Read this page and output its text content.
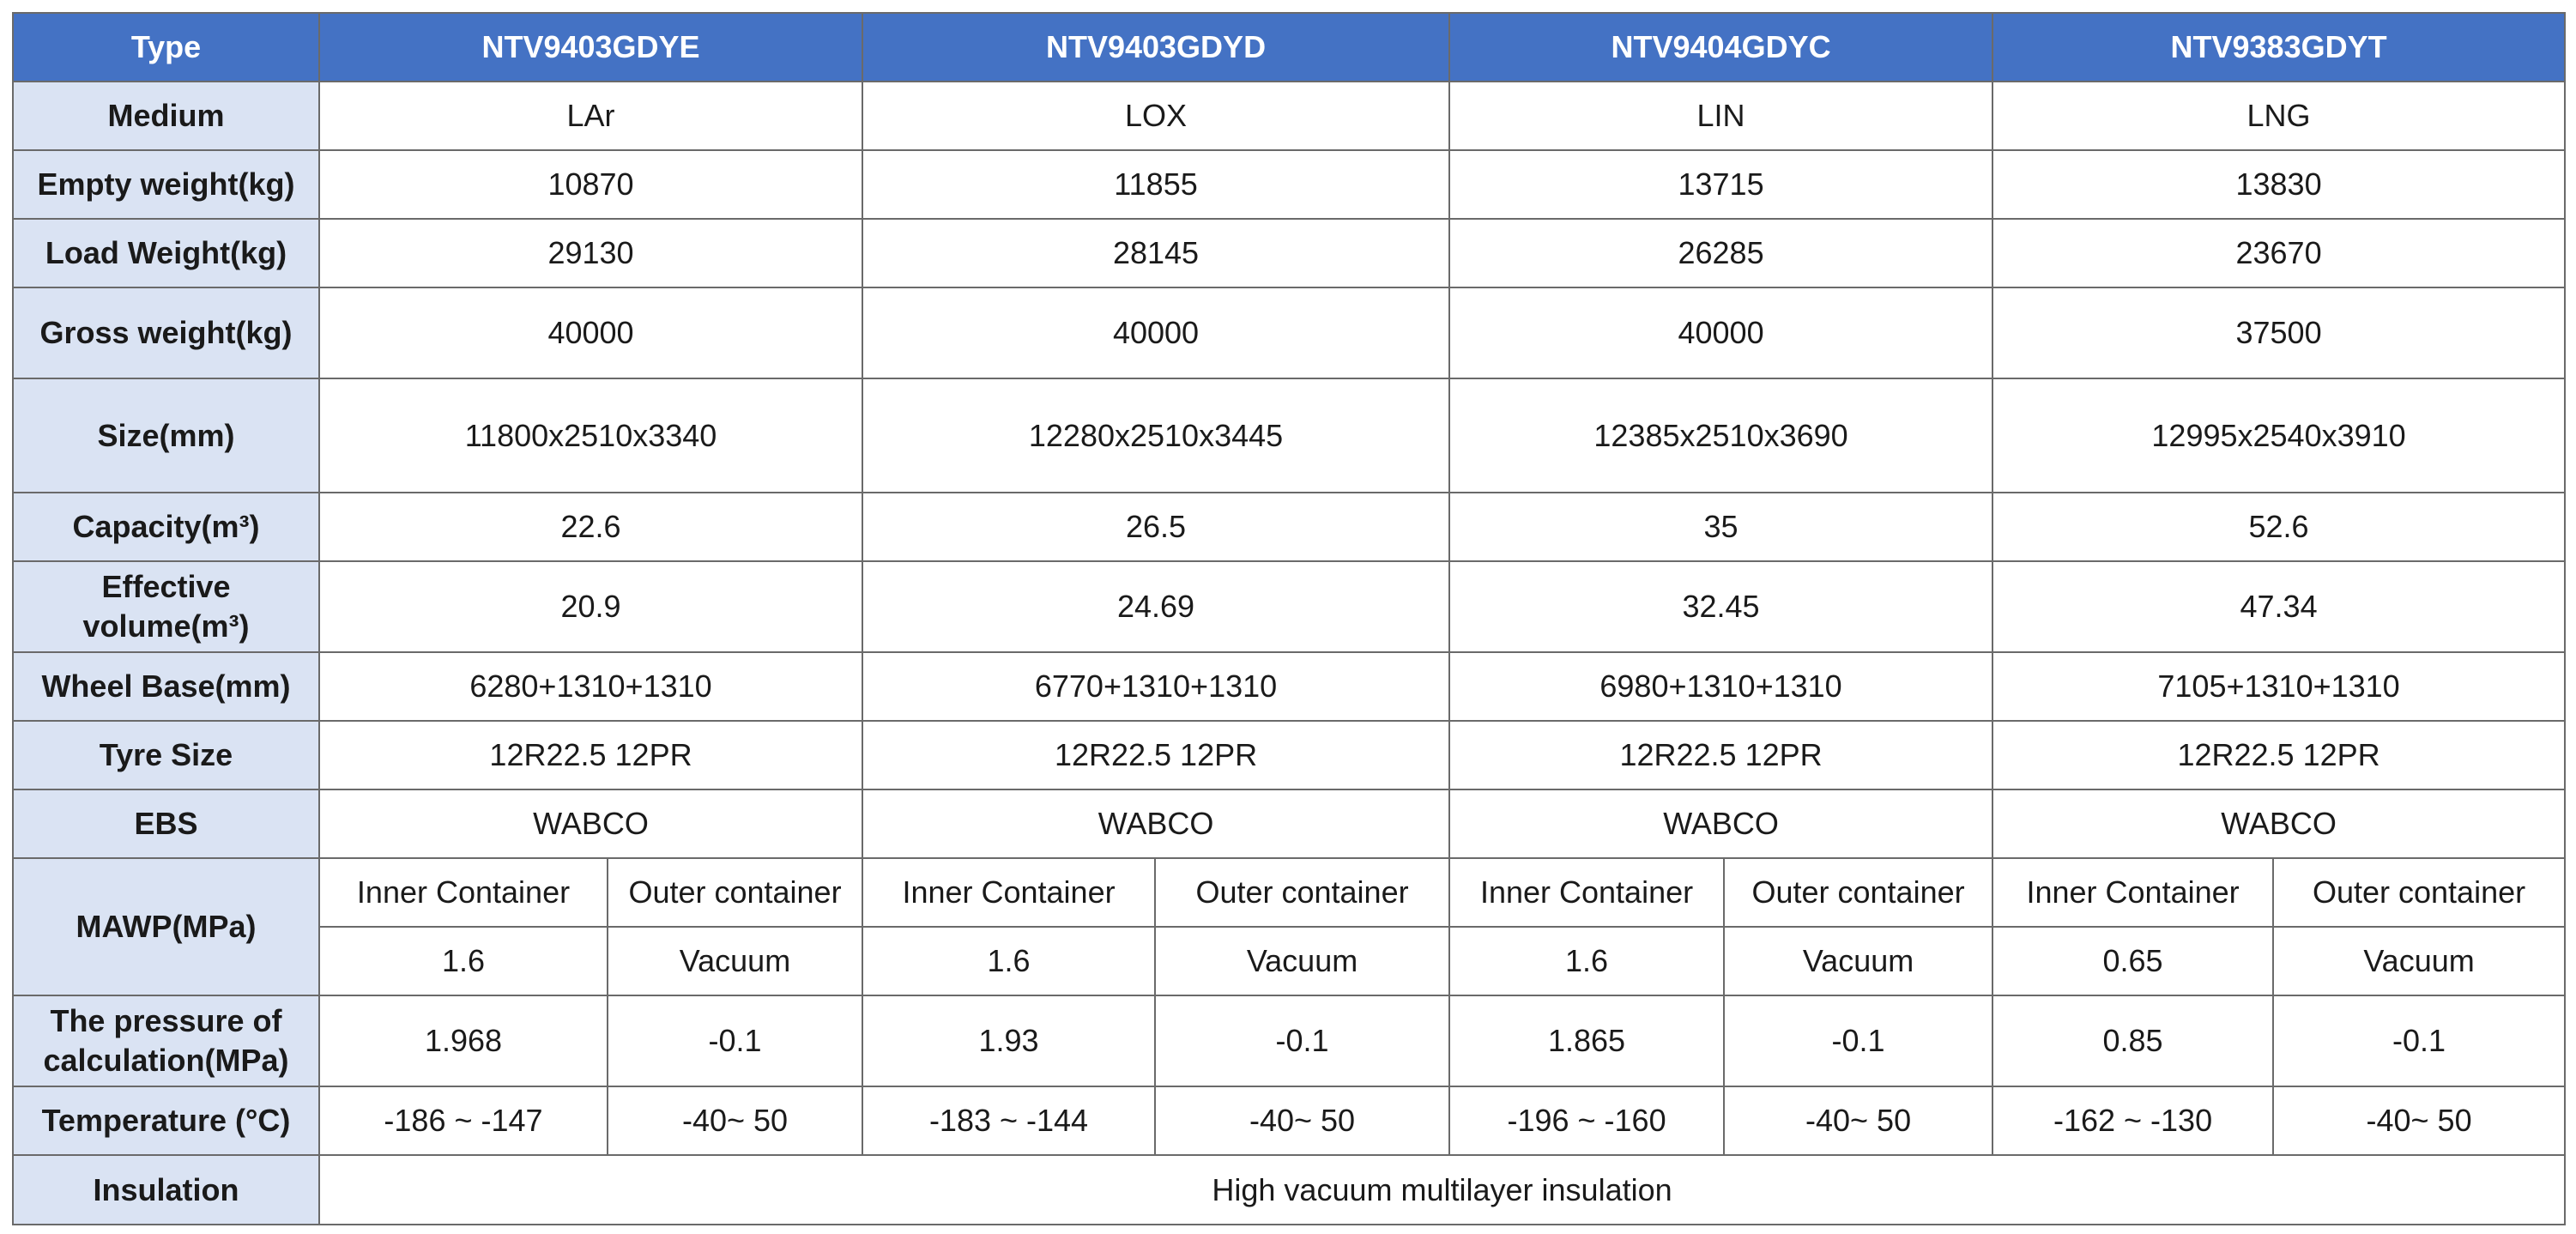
Type	NTV9403GDYE		NTV9403GDYD		NTV9404GDYC		NTV9383GDYT	
Medium	LAr		LOX		LIN		LNG	
Empty weight(kg)	10870		11855		13715		13830	
Load Weight(kg)	29130		28145		26285		23670	
Gross weight(kg)	40000		40000		40000		37500	
Size(mm)	11800x2510x3340		12280x2510x3445		12385x2510x3690		12995x2540x3910	
Capacity(m³)	22.6		26.5		35		52.6	
Effective volume(m³)	20.9		24.69		32.45		47.34	
Wheel Base(mm)	6280+1310+1310		6770+1310+1310		6980+1310+1310		7105+1310+1310	
Tyre Size	12R22.5 12PR		12R22.5 12PR		12R22.5 12PR		12R22.5 12PR	
EBS	WABCO		WABCO		WABCO		WABCO	
MAWP(MPa)	Inner Container	Outer container	Inner Container	Outer container	Inner Container	Outer container	Inner Container	Outer container
	1.6	Vacuum	1.6	Vacuum	1.6	Vacuum	0.65	Vacuum
The pressure of calculation(MPa)	1.968	-0.1	1.93	-0.1	1.865	-0.1	0.85	-0.1
Temperature (°C)	-186 ~ -147	-40~ 50	-183 ~ -144	-40~ 50	-196 ~ -160	-40~ 50	-162 ~ -130	-40~ 50
Insulation	High vacuum multilayer insulation							
